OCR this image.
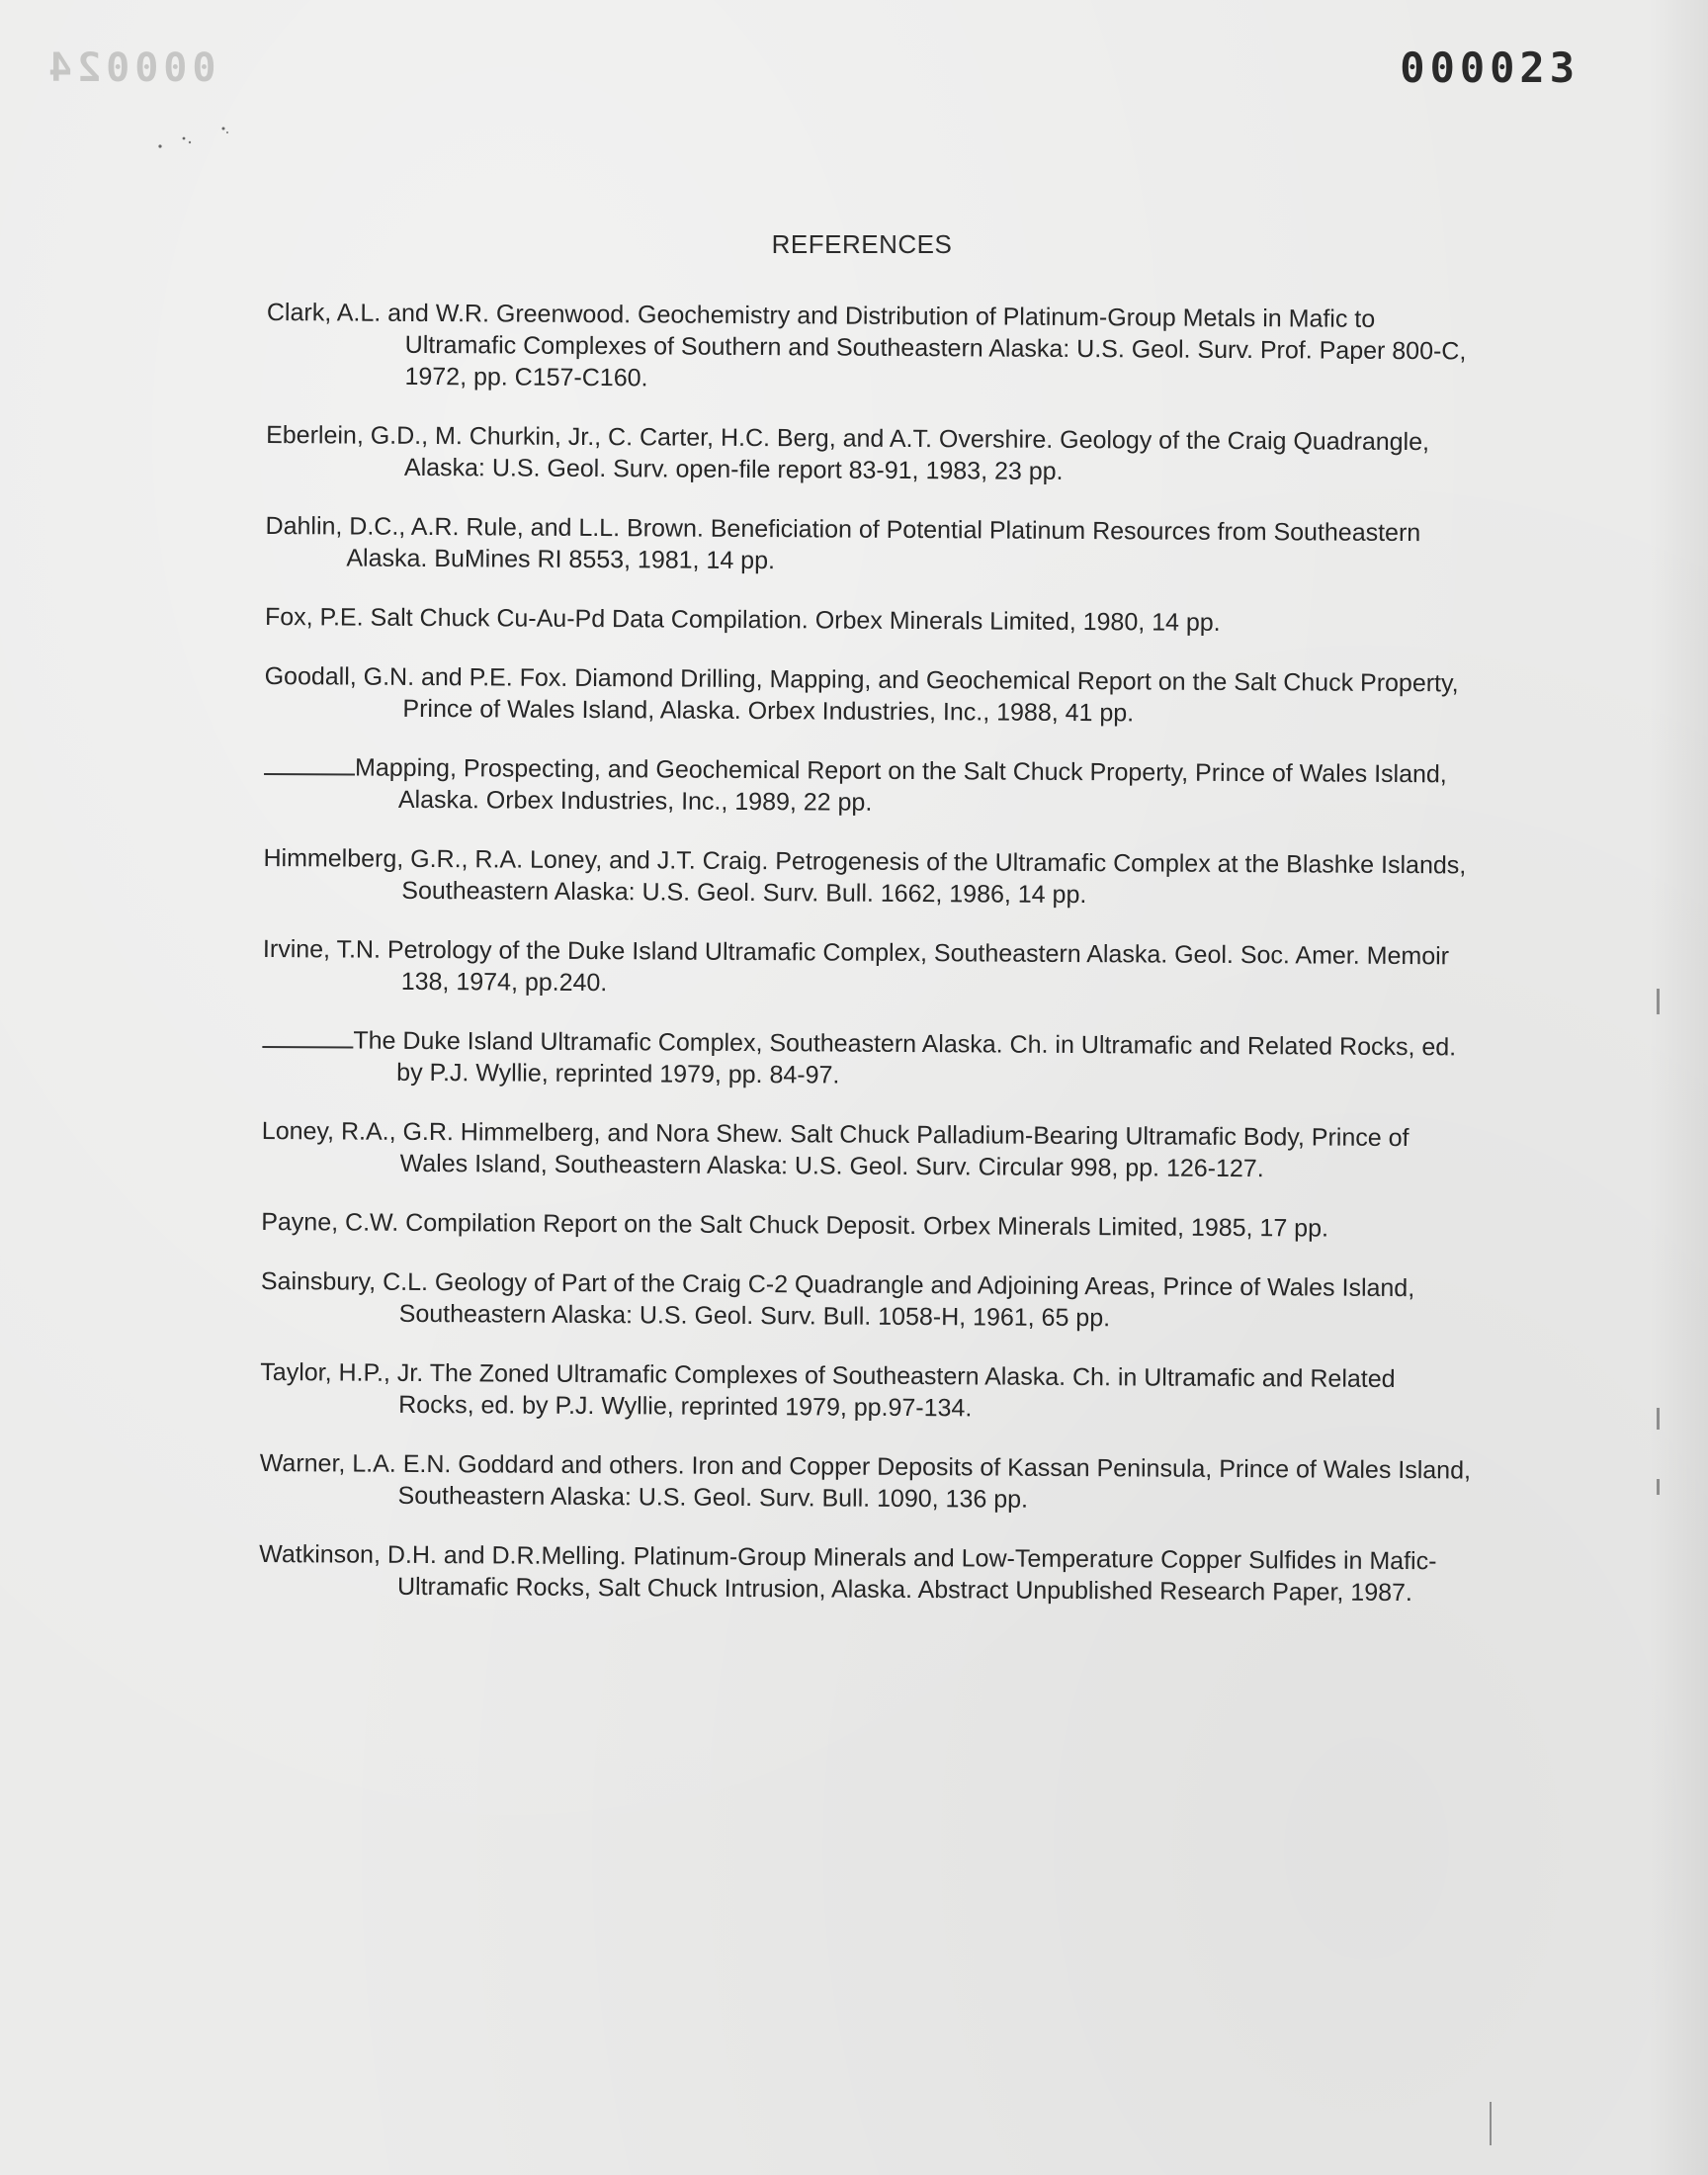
000024	000023
REFERENCES
Clark, A.L. and W.R. Greenwood. Geochemistry and Distribution of Platinum-Group Metals in Mafic to Ultramafic Complexes of Southern and Southeastern Alaska: U.S. Geol. Surv. Prof. Paper 800-C, 1972, pp. C157-C160.
Eberlein, G.D., M. Churkin, Jr., C. Carter, H.C. Berg, and A.T. Overshire. Geology of the Craig Quadrangle, Alaska: U.S. Geol. Surv. open-file report 83-91, 1983, 23 pp.
Dahlin, D.C., A.R. Rule, and L.L. Brown. Beneficiation of Potential Platinum Resources from Southeastern Alaska. BuMines RI 8553, 1981, 14 pp.
Fox, P.E. Salt Chuck Cu-Au-Pd Data Compilation. Orbex Minerals Limited, 1980, 14 pp.
Goodall, G.N. and P.E. Fox. Diamond Drilling, Mapping, and Geochemical Report on the Salt Chuck Property, Prince of Wales Island, Alaska. Orbex Industries, Inc., 1988, 41 pp.
Mapping, Prospecting, and Geochemical Report on the Salt Chuck Property, Prince of Wales Island, Alaska. Orbex Industries, Inc., 1989, 22 pp.
Himmelberg, G.R., R.A. Loney, and J.T. Craig. Petrogenesis of the Ultramafic Complex at the Blashke Islands, Southeastern Alaska: U.S. Geol. Surv. Bull. 1662, 1986, 14 pp.
Irvine, T.N. Petrology of the Duke Island Ultramafic Complex, Southeastern Alaska. Geol. Soc. Amer. Memoir 138, 1974, pp.240.
The Duke Island Ultramafic Complex, Southeastern Alaska. Ch. in Ultramafic and Related Rocks, ed. by P.J. Wyllie, reprinted 1979, pp. 84-97.
Loney, R.A., G.R. Himmelberg, and Nora Shew. Salt Chuck Palladium-Bearing Ultramafic Body, Prince of Wales Island, Southeastern Alaska: U.S. Geol. Surv. Circular 998, pp. 126-127.
Payne, C.W. Compilation Report on the Salt Chuck Deposit. Orbex Minerals Limited, 1985, 17 pp.
Sainsbury, C.L. Geology of Part of the Craig C-2 Quadrangle and Adjoining Areas, Prince of Wales Island, Southeastern Alaska: U.S. Geol. Surv. Bull. 1058-H, 1961, 65 pp.
Taylor, H.P., Jr. The Zoned Ultramafic Complexes of Southeastern Alaska. Ch. in Ultramafic and Related Rocks, ed. by P.J. Wyllie, reprinted 1979, pp.97-134.
Warner, L.A. E.N. Goddard and others. Iron and Copper Deposits of Kassan Peninsula, Prince of Wales Island, Southeastern Alaska: U.S. Geol. Surv. Bull. 1090, 136 pp.
Watkinson, D.H. and D.R.Melling. Platinum-Group Minerals and Low-Temperature Copper Sulfides in Mafic-Ultramafic Rocks, Salt Chuck Intrusion, Alaska. Abstract Unpublished Research Paper, 1987.
